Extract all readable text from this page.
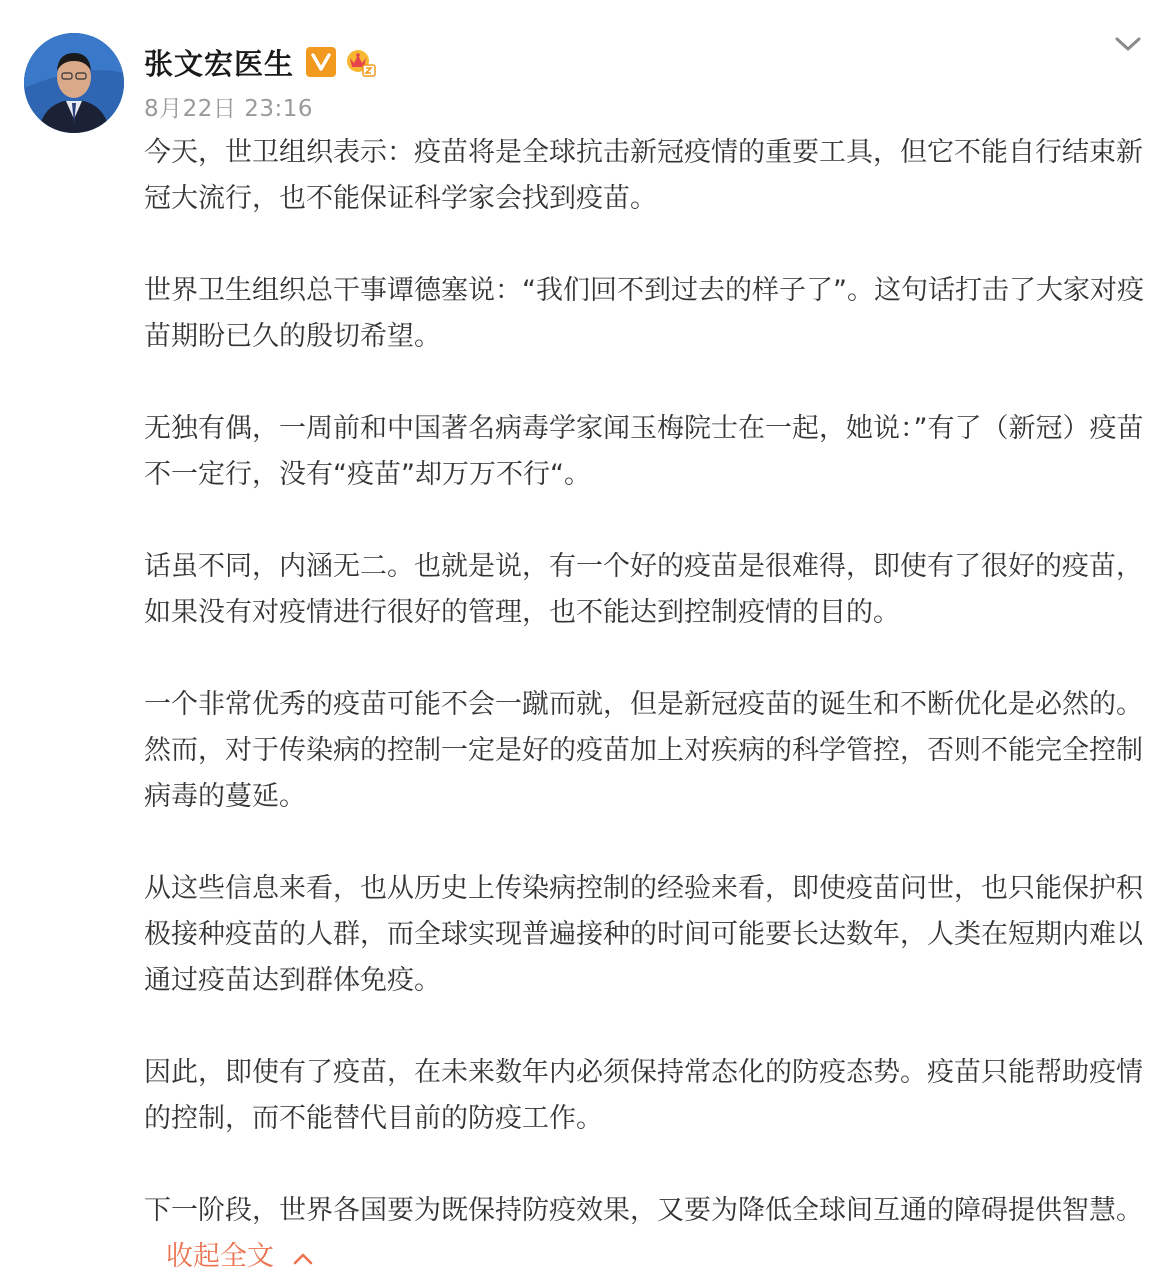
张文宏医生
8月22日 23:16

今天，世卫组织表示：疫苗将是全球抗击新冠疫情的重要工具，但它不能自行结束新冠大流行，也不能保证科学家会找到疫苗。

世界卫生组织总干事谭德塞说：“我们回不到过去的样子了”。这句话打击了大家对疫苗期盼已久的殷切希望。

无独有偶，一周前和中国著名病毒学家闻玉梅院士在一起，她说：”有了（新冠）疫苗不一定行，没有“疫苗”却万万不行“。

话虽不同，内涵无二。也就是说，有一个好的疫苗是很难得，即使有了很好的疫苗，如果没有对疫情进行很好的管理，也不能达到控制疫情的目的。

一个非常优秀的疫苗可能不会一蹴而就，但是新冠疫苗的诞生和不断优化是必然的。然而，对于传染病的控制一定是好的疫苗加上对疾病的科学管控，否则不能完全控制病毒的蔓延。

从这些信息来看，也从历史上传染病控制的经验来看，即使疫苗问世，也只能保护积极接种疫苗的人群，而全球实现普遍接种的时间可能要长达数年，人类在短期内难以通过疫苗达到群体免疫。

因此，即使有了疫苗，在未来数年内必须保持常态化的防疫态势。疫苗只能帮助疫情的控制，而不能替代目前的防疫工作。

下一阶段，世界各国要为既保持防疫效果，又要为降低全球间互通的障碍提供智慧。收起全文
